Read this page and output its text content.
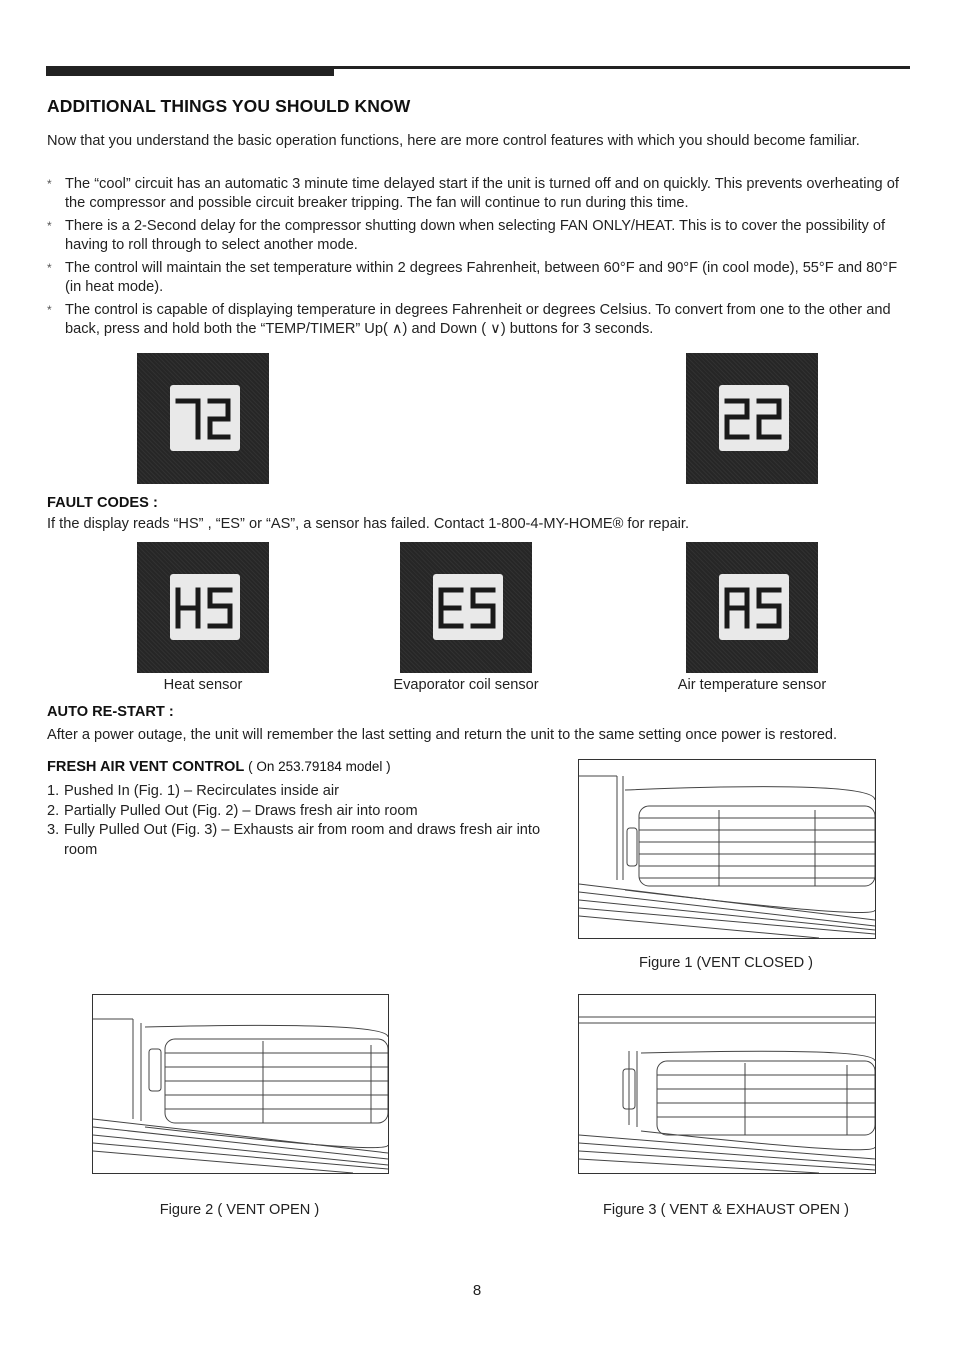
ADDITIONAL THINGS YOU SHOULD KNOW

Now that you understand the basic operation functions, here are more control features with which you should become familiar.

* The “cool” circuit has an automatic 3 minute time delayed start if the unit is turned off and on quickly. This prevents overheating of the compressor and possible circuit breaker tripping. The fan will continue to run during this time.
* There is a 2-Second delay for the compressor shutting down when selecting FAN ONLY/HEAT. This is to cover the possibility of having to roll through to select another mode.
* The control will maintain the set temperature within 2 degrees Fahrenheit, between 60°F and 90°F (in cool mode), 55°F and 80°F (in heat mode).
* The control is capable of displaying temperature in degrees Fahrenheit or degrees Celsius. To convert from one to the other and back, press and hold both the “TEMP/TIMER” Up( ∧) and Down ( ∨) buttons for 3 seconds.
FAULT CODES :

If the display reads “HS” , “ES” or “AS”, a sensor has failed. Contact 1-800-4-MY-HOME® for repair.

Heat sensor	Evaporator coil sensor	Air temperature sensor
AUTO RE-START :

After a power outage, the unit will remember the last setting and return the unit to the same setting once power is restored.

FRESH AIR VENT CONTROL ( On 253.79184 model )
1. Pushed In (Fig. 1) – Recirculates inside air
2. Partially Pulled Out (Fig. 2) – Draws fresh air into room
3. Fully Pulled Out (Fig. 3) – Exhausts air from room and draws fresh air into room
Figure 1 (VENT CLOSED )
Figure 2 ( VENT OPEN )	Figure 3 ( VENT & EXHAUST OPEN )
8
